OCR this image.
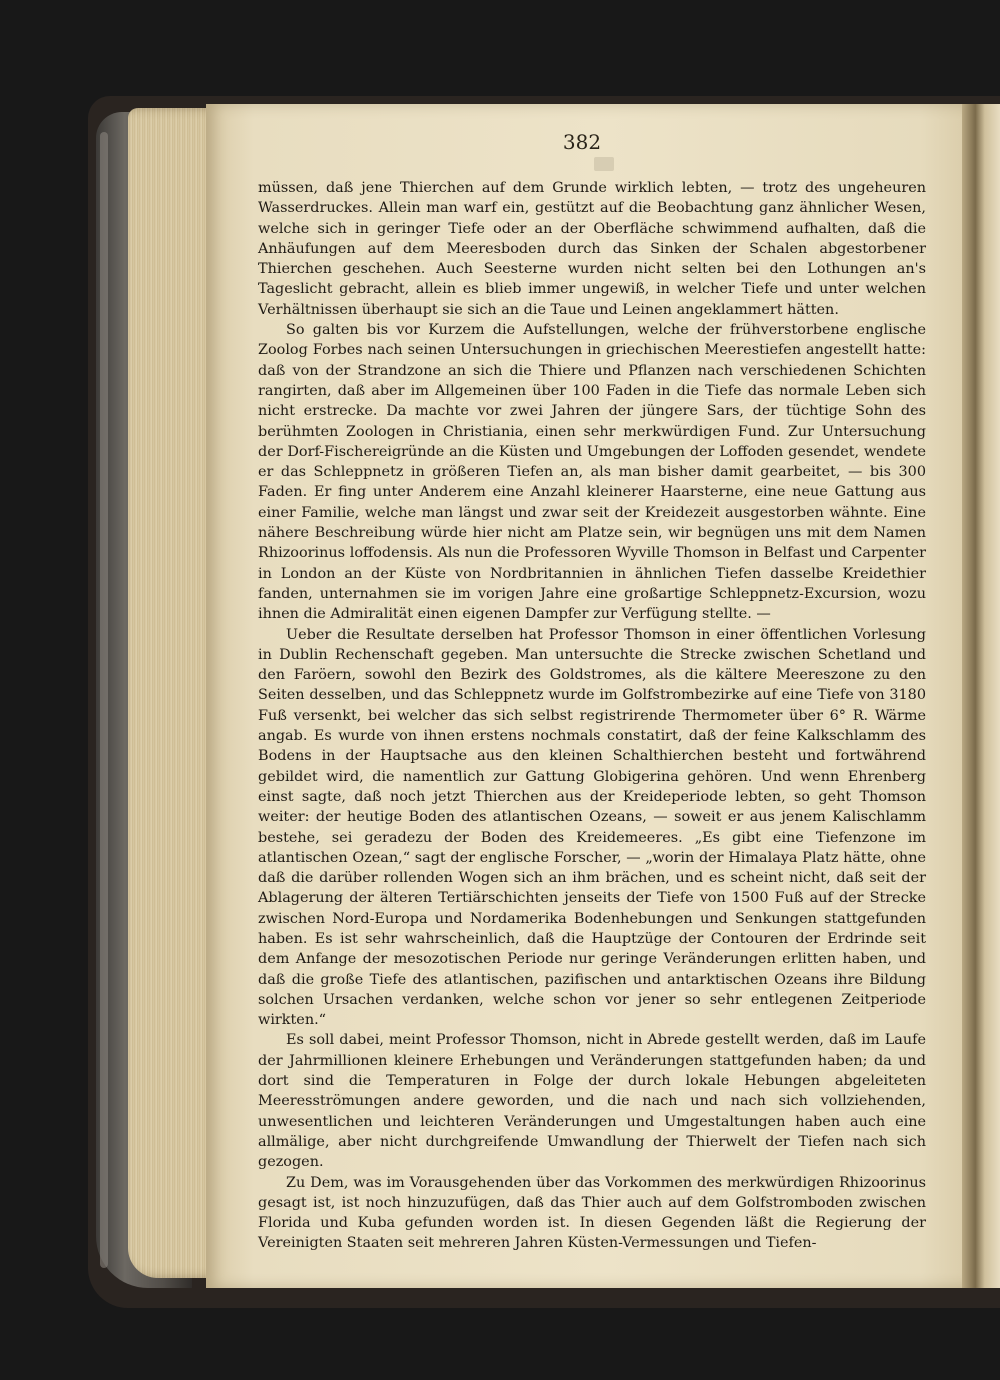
382

müssen, daß jene Thierchen auf dem Grunde wirklich lebten, — trotz des ungeheuren Wasserdruckes. Allein man warf ein, gestützt auf die Beobachtung ganz ähnlicher Wesen, welche sich in geringer Tiefe oder an der Oberfläche schwimmend aufhalten, daß die Anhäufungen auf dem Meeresboden durch das Sinken der Schalen abgestorbener Thierchen geschehen. Auch Seesterne wurden nicht selten bei den Lothungen an's Tageslicht gebracht, allein es blieb immer ungewiß, in welcher Tiefe und unter welchen Verhältnissen überhaupt sie sich an die Taue und Leinen angeklammert hätten.

So galten bis vor Kurzem die Aufstellungen, welche der frühverstorbene englische Zoolog Forbes nach seinen Untersuchungen in griechischen Meerestiefen angestellt hatte: daß von der Strandzone an sich die Thiere und Pflanzen nach verschiedenen Schichten rangirten, daß aber im Allgemeinen über 100 Faden in die Tiefe das normale Leben sich nicht erstrecke. Da machte vor zwei Jahren der jüngere Sars, der tüchtige Sohn des berühmten Zoologen in Christiania, einen sehr merkwürdigen Fund. Zur Untersuchung der Dorf-Fischereigründe an die Küsten und Umgebungen der Loffoden gesendet, wendete er das Schleppnetz in größeren Tiefen an, als man bisher damit gearbeitet, — bis 300 Faden. Er fing unter Anderem eine Anzahl kleinerer Haarsterne, eine neue Gattung aus einer Familie, welche man längst und zwar seit der Kreidezeit ausgestorben wähnte. Eine nähere Beschreibung würde hier nicht am Platze sein, wir begnügen uns mit dem Namen Rhizoorinus loffodensis. Als nun die Professoren Wyville Thomson in Belfast und Carpenter in London an der Küste von Nordbritannien in ähnlichen Tiefen dasselbe Kreidethier fanden, unternahmen sie im vorigen Jahre eine großartige Schleppnetz-Excursion, wozu ihnen die Admiralität einen eigenen Dampfer zur Verfügung stellte. —

Ueber die Resultate derselben hat Professor Thomson in einer öffentlichen Vorlesung in Dublin Rechenschaft gegeben. Man untersuchte die Strecke zwischen Schetland und den Faröern, sowohl den Bezirk des Goldstromes, als die kältere Meereszone zu den Seiten desselben, und das Schleppnetz wurde im Golfstrombezirke auf eine Tiefe von 3180 Fuß versenkt, bei welcher das sich selbst registrirende Thermometer über 6° R. Wärme angab. Es wurde von ihnen erstens nochmals constatirt, daß der feine Kalkschlamm des Bodens in der Hauptsache aus den kleinen Schalthierchen besteht und fortwährend gebildet wird, die namentlich zur Gattung Globigerina gehören. Und wenn Ehrenberg einst sagte, daß noch jetzt Thierchen aus der Kreideperiode lebten, so geht Thomson weiter: der heutige Boden des atlantischen Ozeans, — soweit er aus jenem Kalischlamm bestehe, sei geradezu der Boden des Kreidemeeres. „Es gibt eine Tiefenzone im atlantischen Ozean,“ sagt der englische Forscher, — „worin der Himalaya Platz hätte, ohne daß die darüber rollenden Wogen sich an ihm brächen, und es scheint nicht, daß seit der Ablagerung der älteren Tertiärschichten jenseits der Tiefe von 1500 Fuß auf der Strecke zwischen Nord-Europa und Nordamerika Bodenhebungen und Senkungen stattgefunden haben. Es ist sehr wahrscheinlich, daß die Hauptzüge der Contouren der Erdrinde seit dem Anfange der mesozotischen Periode nur geringe Veränderungen erlitten haben, und daß die große Tiefe des atlantischen, pazifischen und antarktischen Ozeans ihre Bildung solchen Ursachen verdanken, welche schon vor jener so sehr entlegenen Zeitperiode wirkten.“

Es soll dabei, meint Professor Thomson, nicht in Abrede gestellt werden, daß im Laufe der Jahrmillionen kleinere Erhebungen und Veränderungen stattgefunden haben; da und dort sind die Temperaturen in Folge der durch lokale Hebungen abgeleiteten Meeresströmungen andere geworden, und die nach und nach sich vollziehenden, unwesentlichen und leichteren Veränderungen und Umgestaltungen haben auch eine allmälige, aber nicht durchgreifende Umwandlung der Thierwelt der Tiefen nach sich gezogen.

Zu Dem, was im Vorausgehenden über das Vorkommen des merkwürdigen Rhizoorinus gesagt ist, ist noch hinzuzufügen, daß das Thier auch auf dem Golfstromboden zwischen Florida und Kuba gefunden worden ist. In diesen Gegenden läßt die Regierung der Vereinigten Staaten seit mehreren Jahren Küsten-Vermessungen und Tiefen-
